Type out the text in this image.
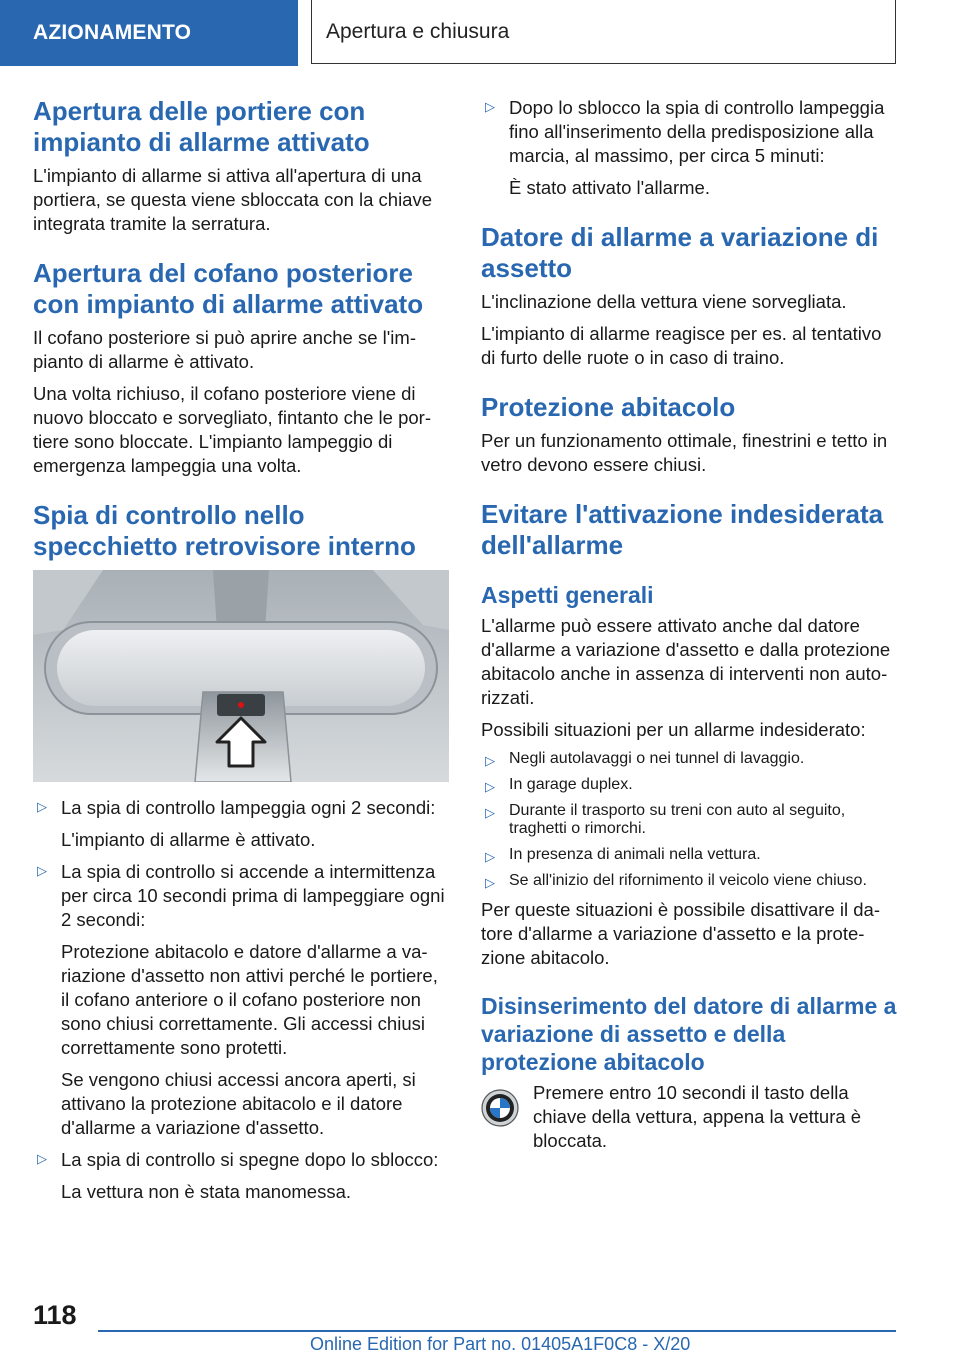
AZIONAMENTO	Apertura e chiusura
Apertura delle portiere con impianto di allarme attivato

L'impianto di allarme si attiva all'apertura di una portiera, se questa viene sbloccata con la chiave integrata tramite la serratura.

Apertura del cofano posteriore con impianto di allarme attivato

Il cofano posteriore si può aprire anche se l'impianto di allarme è attivato.

Una volta richiuso, il cofano posteriore viene di nuovo bloccato e sorvegliato, fintanto che le portiere sono bloccate. L'impianto lampeggio di emergenza lampeggia una volta.

Spia di controllo nello specchietto retrovisore interno
▷ La spia di controllo lampeggia ogni 2 secondi:

L'impianto di allarme è attivato.

▷ La spia di controllo si accende a intermittenza per circa 10 secondi prima di lampeggiare ogni 2 secondi:

Protezione abitacolo e datore d'allarme a variazione d'assetto non attivi perché le portiere, il cofano anteriore o il cofano posteriore non sono chiusi correttamente. Gli accessi chiusi correttamente sono protetti.

Se vengono chiusi accessi ancora aperti, si attivano la protezione abitacolo e il datore d'allarme a variazione d'assetto.

▷ La spia di controllo si spegne dopo lo sblocco:

La vettura non è stata manomessa.

▷ Dopo lo sblocco la spia di controllo lampeggia fino all'inserimento della predisposizione alla marcia, al massimo, per circa 5 minuti:

È stato attivato l'allarme.

Datore di allarme a variazione di assetto

L'inclinazione della vettura viene sorvegliata.

L'impianto di allarme reagisce per es. al tentativo di furto delle ruote o in caso di traino.

Protezione abitacolo

Per un funzionamento ottimale, finestrini e tetto in vetro devono essere chiusi.

Evitare l'attivazione indesiderata dell'allarme
Aspetti generali

L'allarme può essere attivato anche dal datore d'allarme a variazione d'assetto e dalla protezione abitacolo anche in assenza di interventi non autorizzati.

Possibili situazioni per un allarme indesiderato:

▷ Negli autolavaggi o nei tunnel di lavaggio.
▷ In garage duplex.
▷ Durante il trasporto su treni con auto al seguito, traghetti o rimorchi.
▷ In presenza di animali nella vettura.
▷ Se all'inizio del rifornimento il veicolo viene chiuso.

Per queste situazioni è possibile disattivare il datore d'allarme a variazione d'assetto e la protezione abitacolo.

Disinserimento del datore di allarme a variazione di assetto e della protezione abitacolo

Premere entro 10 secondi il tasto della chiave della vettura, appena la vettura è bloccata.

118
Online Edition for Part no. 01405A1F0C8 - X/20
